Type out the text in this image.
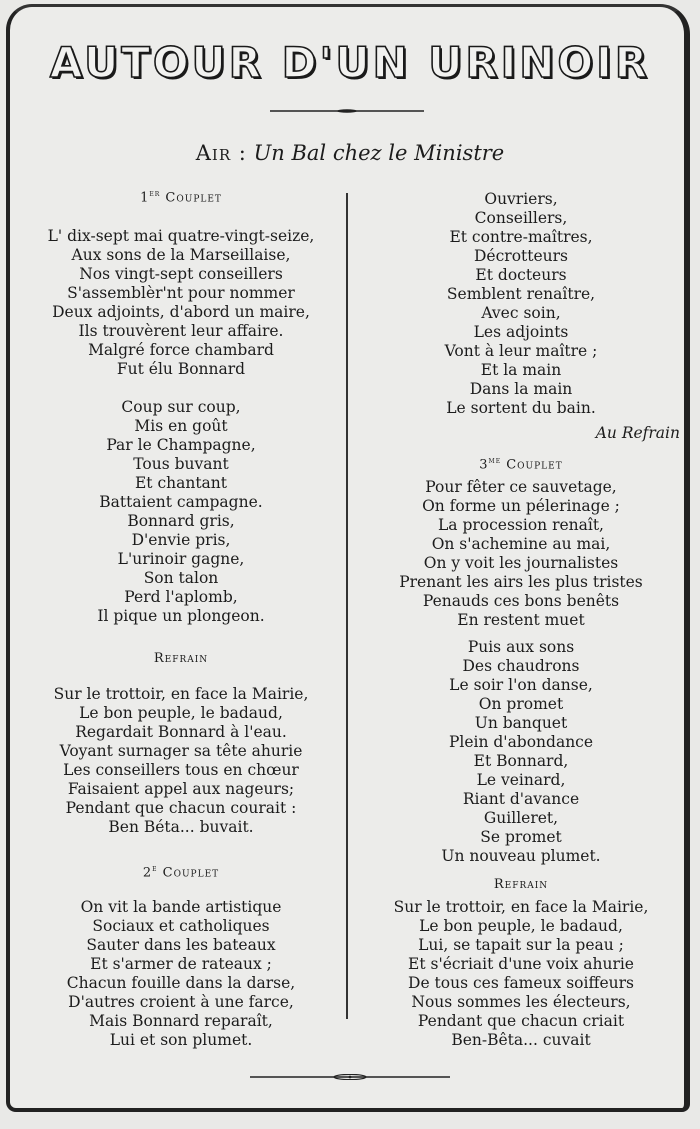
AUTOUR D'UN URINOIR
Air : Un Bal chez le Ministre
1er Couplet
L' dix-sept mai quatre-vingt-seize,
Aux sons de la Marseillaise,
Nos vingt-sept conseillers
S'assemblèr'nt pour nommer
Deux adjoints, d'abord un maire,
Ils trouvèrent leur affaire.
Malgré force chambard
Fut élu Bonnard
Coup sur coup,
Mis en goût
Par le Champagne,
Tous buvant
Et chantant
Battaient campagne.
Bonnard gris,
D'envie pris,
L'urinoir gagne,
Son talon
Perd l'aplomb,
Il pique un plongeon.
Refrain
Sur le trottoir, en face la Mairie,
Le bon peuple, le badaud,
Regardait Bonnard à l'eau.
Voyant surnager sa tête ahurie
Les conseillers tous en chœur
Faisaient appel aux nageurs;
Pendant que chacun courait :
Ben Béta... buvait.
2e Couplet
On vit la bande artistique
Sociaux et catholiques
Sauter dans les bateaux
Et s'armer de rateaux ;
Chacun fouille dans la darse,
D'autres croient à une farce,
Mais Bonnard reparaît,
Lui et son plumet.
Ouvriers,
Conseillers,
Et contre-maîtres,
Décrotteurs
Et docteurs
Semblent renaître,
Avec soin,
Les adjoints
Vont à leur maître ;
Et la main
Dans la main
Le sortent du bain.
Au Refrain
$3^{me}$ Couplet
Pour fêter ce sauvetage,
On forme un pélerinage ;
La procession renaît,
On s'achemine au mai,
On y voit les journalistes
Prenant les airs les plus tristes
Penauds ces bons benêts
En restent muet
Puis aux sons
Des chaudrons
Le soir l'on danse,
On promet
Un banquet
Plein d'abondance
Et Bonnard,
Le veinard,
Riant d'avance
Guilleret,
Se promet
Un nouveau plumet.
Refrain
Sur le trottoir, en face la Mairie,
Le bon peuple, le badaud,
Lui, se tapait sur la peau ;
Et s'écriait d'une voix ahurie
De tous ces fameux soiffeurs
Nous sommes les électeurs,
Pendant que chacun criait
Ben-Bêta... cuvait
